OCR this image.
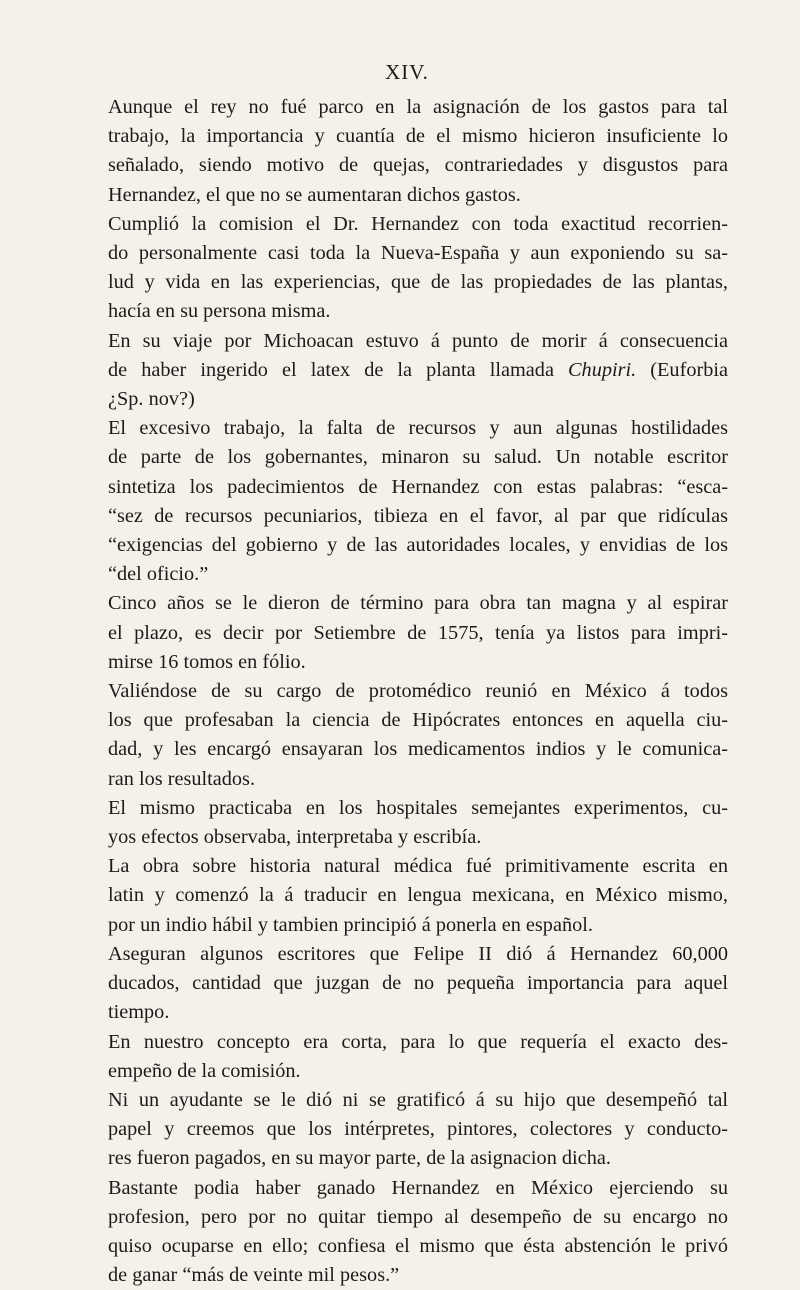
XIV.

Aunque el rey no fué parco en la asignación de los gastos para tal
trabajo, la importancia y cuantía de el mismo hicieron insuficiente lo
señalado, siendo motivo de quejas, contrariedades y disgustos para
Hernandez, el que no se aumentaran dichos gastos.

Cumplió la comision el Dr. Hernandez con toda exactitud recorrien-
do personalmente casi toda la Nueva-España y aun exponiendo su sa-
lud y vida en las experiencias, que de las propiedades de las plantas,
hacía en su persona misma.

En su viaje por Michoacan estuvo á punto de morir á consecuencia
de haber ingerido el latex de la planta llamada Chupiri. (Euforbia
¿Sp. nov?)

El excesivo trabajo, la falta de recursos y aun algunas hostilidades
de parte de los gobernantes, minaron su salud. Un notable escritor
sintetiza los padecimientos de Hernandez con estas palabras: “esca-
“sez de recursos pecuniarios, tibieza en el favor, al par que ridículas
“exigencias del gobierno y de las autoridades locales, y envidias de los
“del oficio.”

Cinco años se le dieron de término para obra tan magna y al espirar
el plazo, es decir por Setiembre de 1575, tenía ya listos para impri-
mirse 16 tomos en fólio.

Valiéndose de su cargo de protomédico reunió en México á todos
los que profesaban la ciencia de Hipócrates entonces en aquella ciu-
dad, y les encargó ensayaran los medicamentos indios y le comunica-
ran los resultados.

El mismo practicaba en los hospitales semejantes experimentos, cu-
yos efectos observaba, interpretaba y escribía.

La obra sobre historia natural médica fué primitivamente escrita en
latin y comenzó la á traducir en lengua mexicana, en México mismo,
por un indio hábil y tambien principió á ponerla en español.

Aseguran algunos escritores que Felipe II dió á Hernandez 60,000
ducados, cantidad que juzgan de no pequeña importancia para aquel
tiempo.

En nuestro concepto era corta, para lo que requería el exacto des-
empeño de la comisión.

Ni un ayudante se le dió ni se gratificó á su hijo que desempeñó tal
papel y creemos que los intérpretes, pintores, colectores y conducto-
res fueron pagados, en su mayor parte, de la asignacion dicha.

Bastante podia haber ganado Hernandez en México ejerciendo su
profesion, pero por no quitar tiempo al desempeño de su encargo no
quiso ocuparse en ello; confiesa el mismo que ésta abstención le privó
de ganar “más de veinte mil pesos.”
